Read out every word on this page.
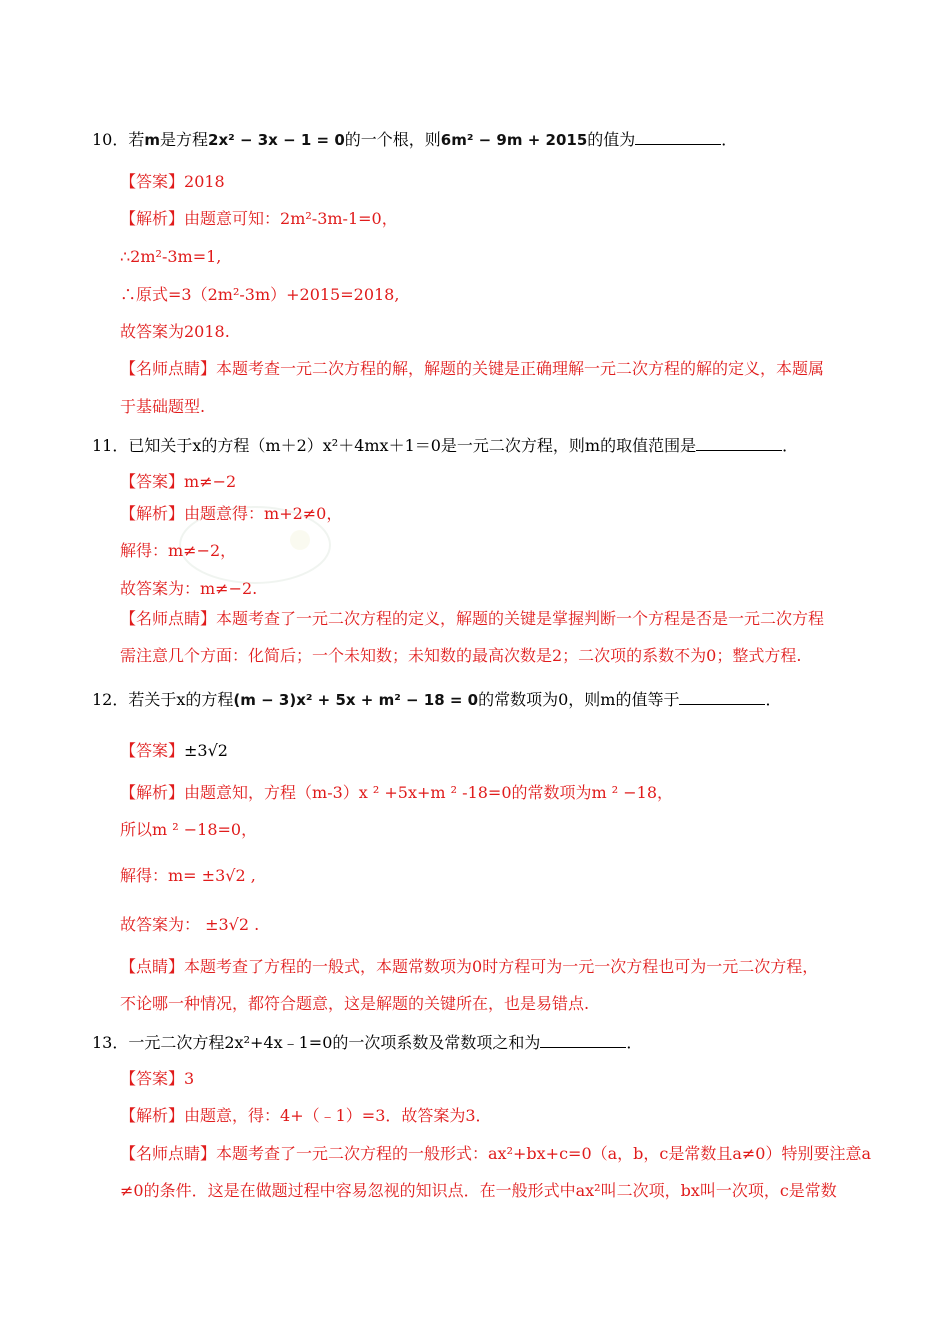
10．若m是方程2x² − 3x − 1 = 0的一个根，则6m² − 9m + 2015的值为	．
【答案】2018
【解析】由题意可知：2m²-3m-1=0，
∴2m²-3m=1,
∴原式=3（2m²-3m）+2015=2018,
故答案为2018.
【名师点睛】本题考查一元二次方程的解，解题的关键是正确理解一元二次方程的解的定义，本题属
于基础题型.
11．已知关于x的方程（m＋2）x²＋4mx＋1＝0是一元二次方程，则m的取值范围是	．
【答案】m≠−2
【解析】由题意得：m+2≠0，
解得：m≠−2，
故答案为：m≠−2.
【名师点睛】本题考查了一元二次方程的定义，解题的关键是掌握判断一个方程是否是一元二次方程
需注意几个方面：化简后；一个未知数；未知数的最高次数是2；二次项的系数不为0；整式方程.
12．若关于x的方程(m − 3)x² + 5x + m² − 18 = 0的常数项为0，则m的值等于	．
【答案】±3√2
【解析】由题意知，方程（m-3）x ² +5x+m ² -18=0的常数项为m ² −18，
所以m ² −18=0，
解得：m= ±3√2 ,
故答案为： ±3√2 .
【点睛】本题考查了方程的一般式，本题常数项为0时方程可为一元一次方程也可为一元二次方程，
不论哪一种情况，都符合题意，这是解题的关键所在，也是易错点.
13．一元二次方程2x²+4x﹣1=0的一次项系数及常数项之和为	．
【答案】3
【解析】由题意，得：4+（﹣1）=3．故答案为3．
【名师点睛】本题考查了一元二次方程的一般形式：ax²+bx+c=0（a，b，c是常数且a≠0）特别要注意a
≠0的条件．这是在做题过程中容易忽视的知识点．在一般形式中ax²叫二次项，bx叫一次项，c是常数
